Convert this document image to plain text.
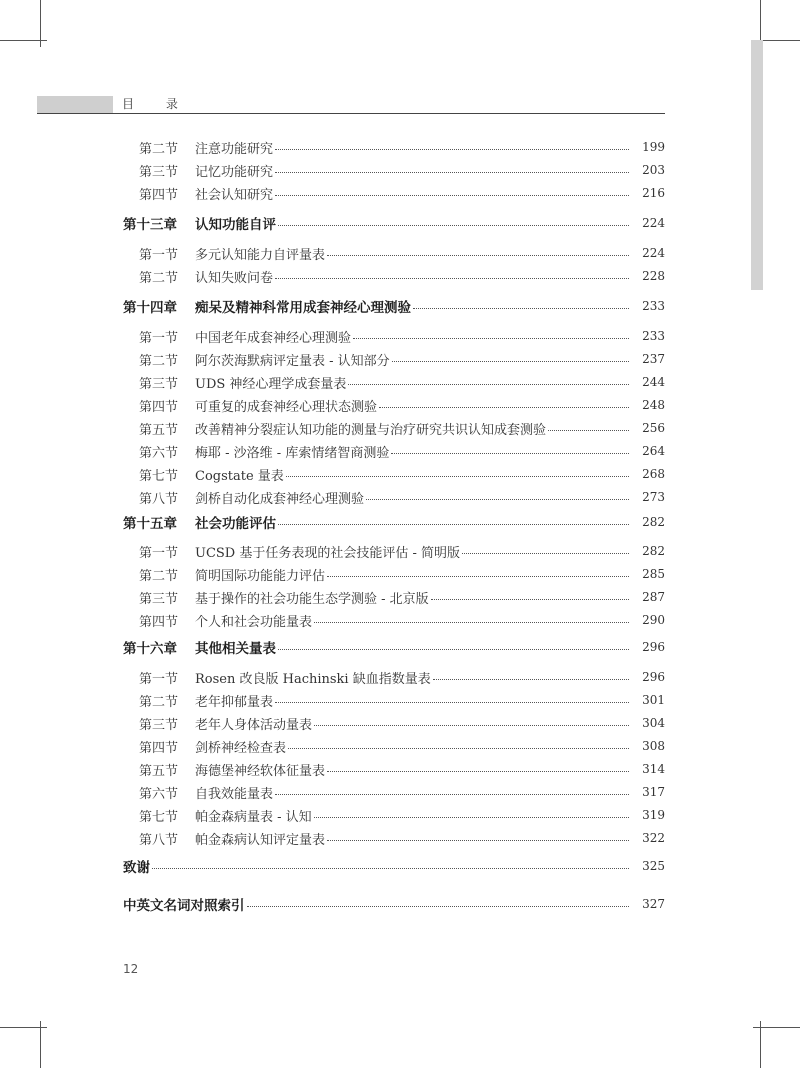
目 录
第二节	注意功能研究	199
第三节	记忆功能研究	203
第四节	社会认知研究	216
第十三章	认知功能自评	224
第一节	多元认知能力自评量表	224
第二节	认知失败问卷	228
第十四章	痴呆及精神科常用成套神经心理测验	233
第一节	中国老年成套神经心理测验	233
第二节	阿尔茨海默病评定量表 - 认知部分	237
第三节	UDS 神经心理学成套量表	244
第四节	可重复的成套神经心理状态测验	248
第五节	改善精神分裂症认知功能的测量与治疗研究共识认知成套测验	256
第六节	梅耶 - 沙洛维 - 库索情绪智商测验	264
第七节	Cogstate 量表	268
第八节	剑桥自动化成套神经心理测验	273
第十五章	社会功能评估	282
第一节	UCSD 基于任务表现的社会技能评估 - 简明版	282
第二节	简明国际功能能力评估	285
第三节	基于操作的社会功能生态学测验 - 北京版	287
第四节	个人和社会功能量表	290
第十六章	其他相关量表	296
第一节	Rosen 改良版 Hachinski 缺血指数量表	296
第二节	老年抑郁量表	301
第三节	老年人身体活动量表	304
第四节	剑桥神经检查表	308
第五节	海德堡神经软体征量表	314
第六节	自我效能量表	317
第七节	帕金森病量表 - 认知	319
第八节	帕金森病认知评定量表	322
致谢	325
中英文名词对照索引	327
12
